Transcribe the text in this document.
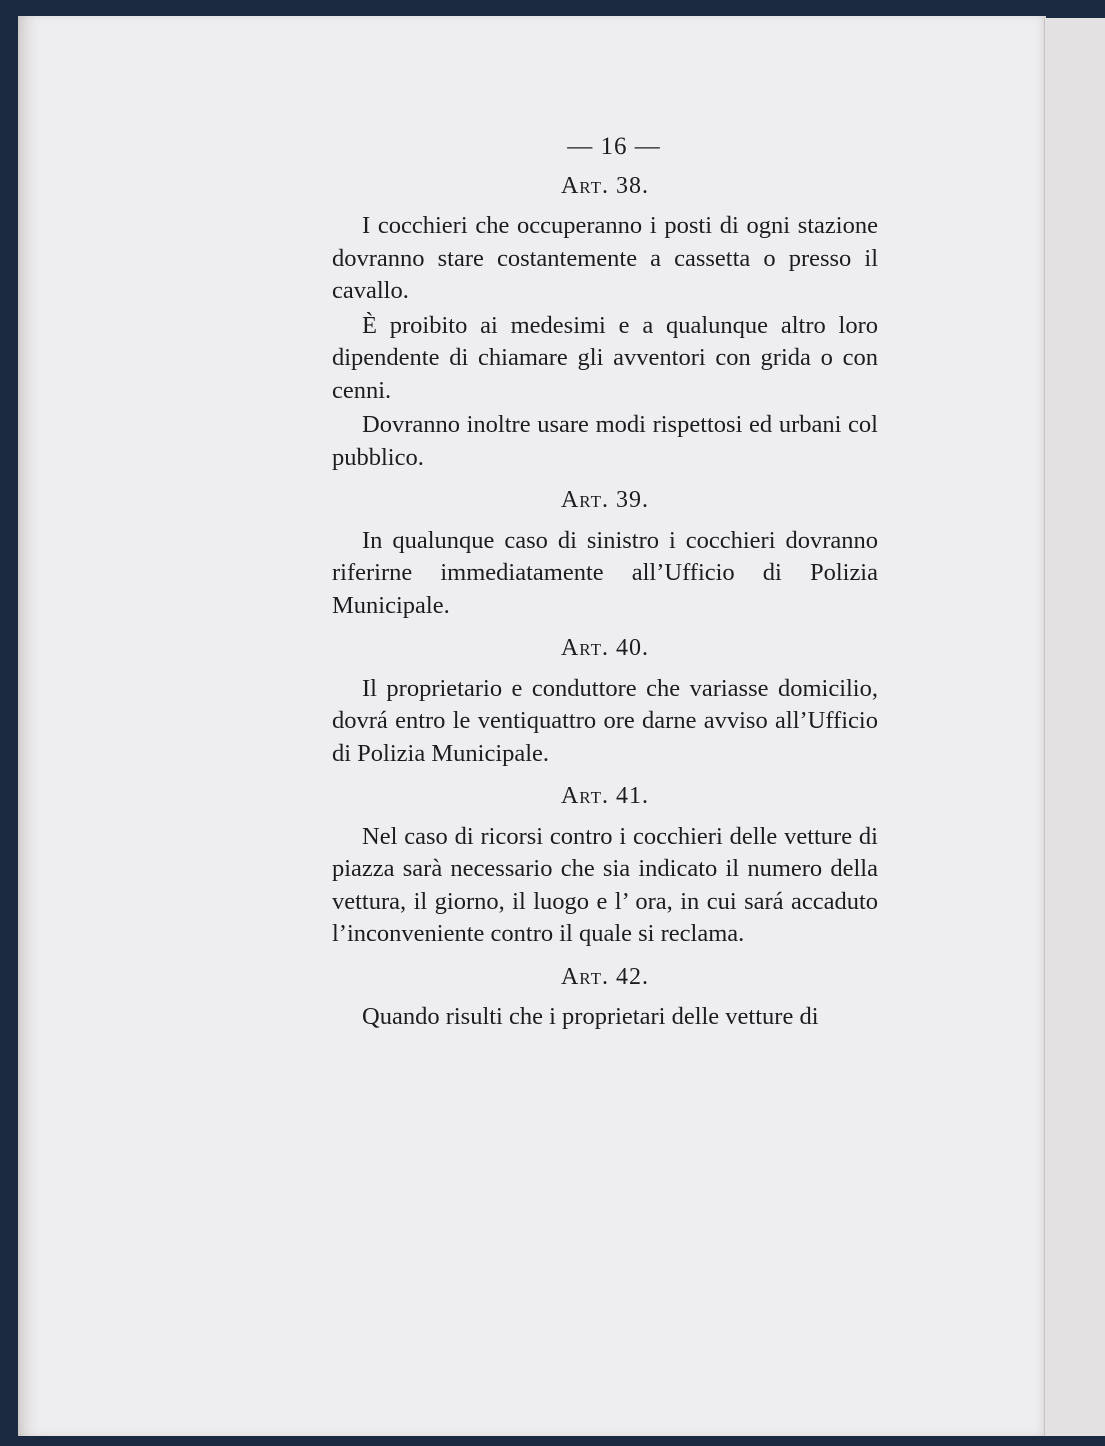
— 16 —
Art. 38.

I cocchieri che occuperanno i posti di ogni stazione dovranno stare costantemente a cassetta o presso il cavallo.

È proibito ai medesimi e a qualunque altro loro dipendente di chiamare gli avventori con grida o con cenni.

Dovranno inoltre usare modi rispettosi ed urbani col pubblico.

Art. 39.

In qualunque caso di sinistro i cocchieri dovranno riferirne immediatamente all’Ufficio di Polizia Municipale.

Art. 40.

Il proprietario e conduttore che variasse domicilio, dovrá entro le ventiquattro ore darne avviso all’Ufficio di Polizia Municipale.

Art. 41.

Nel caso di ricorsi contro i cocchieri delle vetture di piazza sarà necessario che sia indicato il numero della vettura, il giorno, il luogo e l’ ora, in cui sará accaduto l’inconveniente contro il quale si reclama.

Art. 42.

Quando risulti che i proprietari delle vetture di
